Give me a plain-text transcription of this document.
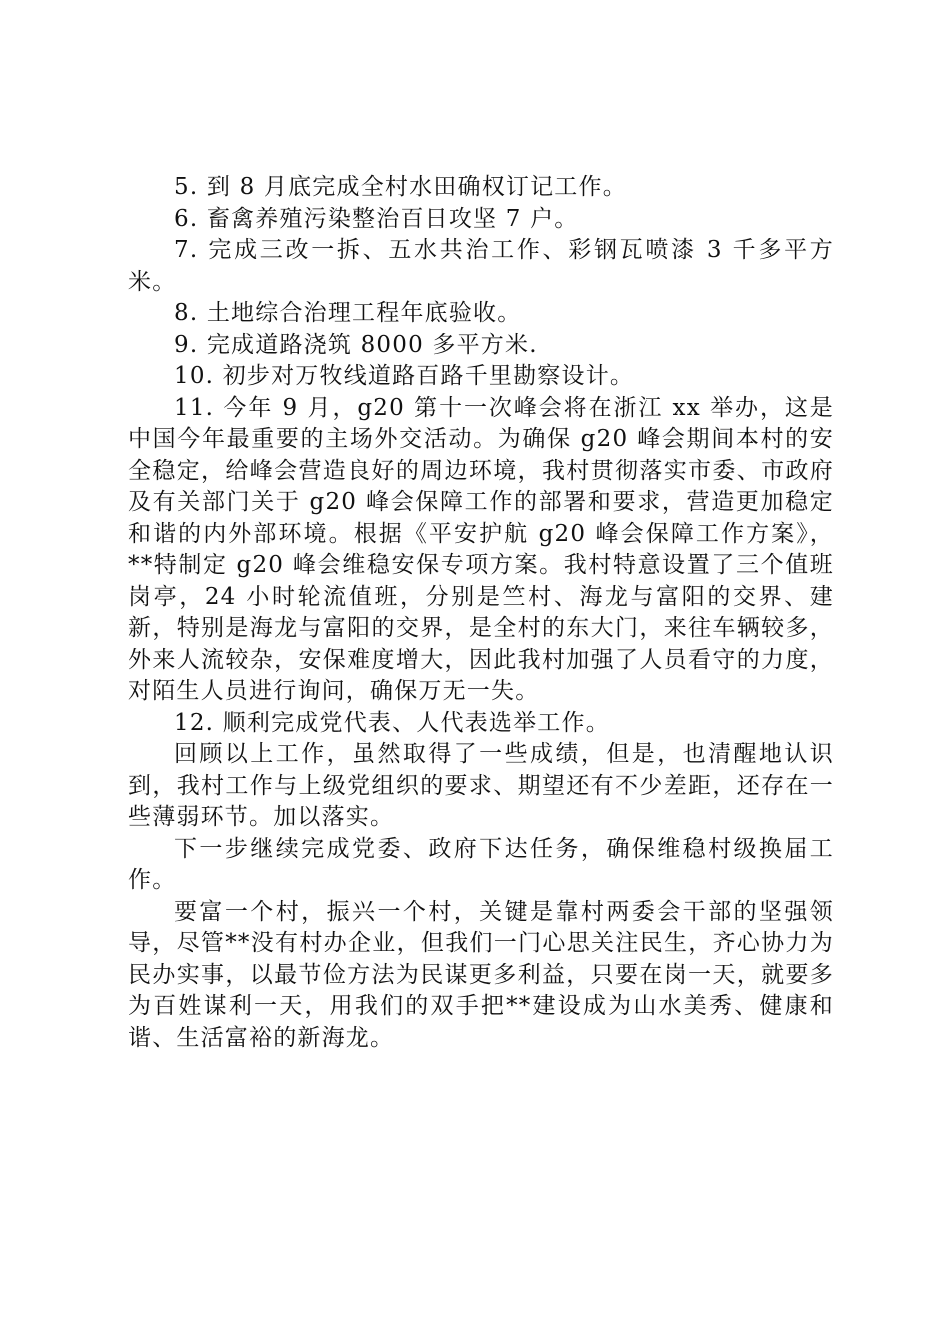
5. 到 8 月底完成全村水田确权订记工作。

6. 畜禽养殖污染整治百日攻坚 7 户。

7. 完成三改一拆、五水共治工作、彩钢瓦喷漆 3 千多平方米。

8. 土地综合治理工程年底验收。

9. 完成道路浇筑 8000 多平方米.

10. 初步对万牧线道路百路千里勘察设计。

11. 今年 9 月，g20 第十一次峰会将在浙江 xx 举办，这是中国今年最重要的主场外交活动。为确保 g20 峰会期间本村的安全稳定，给峰会营造良好的周边环境，我村贯彻落实市委、市政府及有关部门关于 g20 峰会保障工作的部署和要求，营造更加稳定和谐的内外部环境。根据《平安护航 g20 峰会保障工作方案》，**特制定 g20 峰会维稳安保专项方案。我村特意设置了三个值班岗亭，24 小时轮流值班，分别是竺村、海龙与富阳的交界、建新，特别是海龙与富阳的交界，是全村的东大门，来往车辆较多，外来人流较杂，安保难度增大，因此我村加强了人员看守的力度，对陌生人员进行询问，确保万无一失。

12. 顺利完成党代表、人代表选举工作。

回顾以上工作，虽然取得了一些成绩，但是，也清醒地认识到，我村工作与上级党组织的要求、期望还有不少差距，还存在一些薄弱环节。加以落实。

下一步继续完成党委、政府下达任务，确保维稳村级换届工作。

要富一个村，振兴一个村，关键是靠村两委会干部的坚强领导，尽管**没有村办企业，但我们一门心思关注民生，齐心协力为民办实事，以最节俭方法为民谋更多利益，只要在岗一天，就要多为百姓谋利一天，用我们的双手把**建设成为山水美秀、健康和谐、生活富裕的新海龙。
